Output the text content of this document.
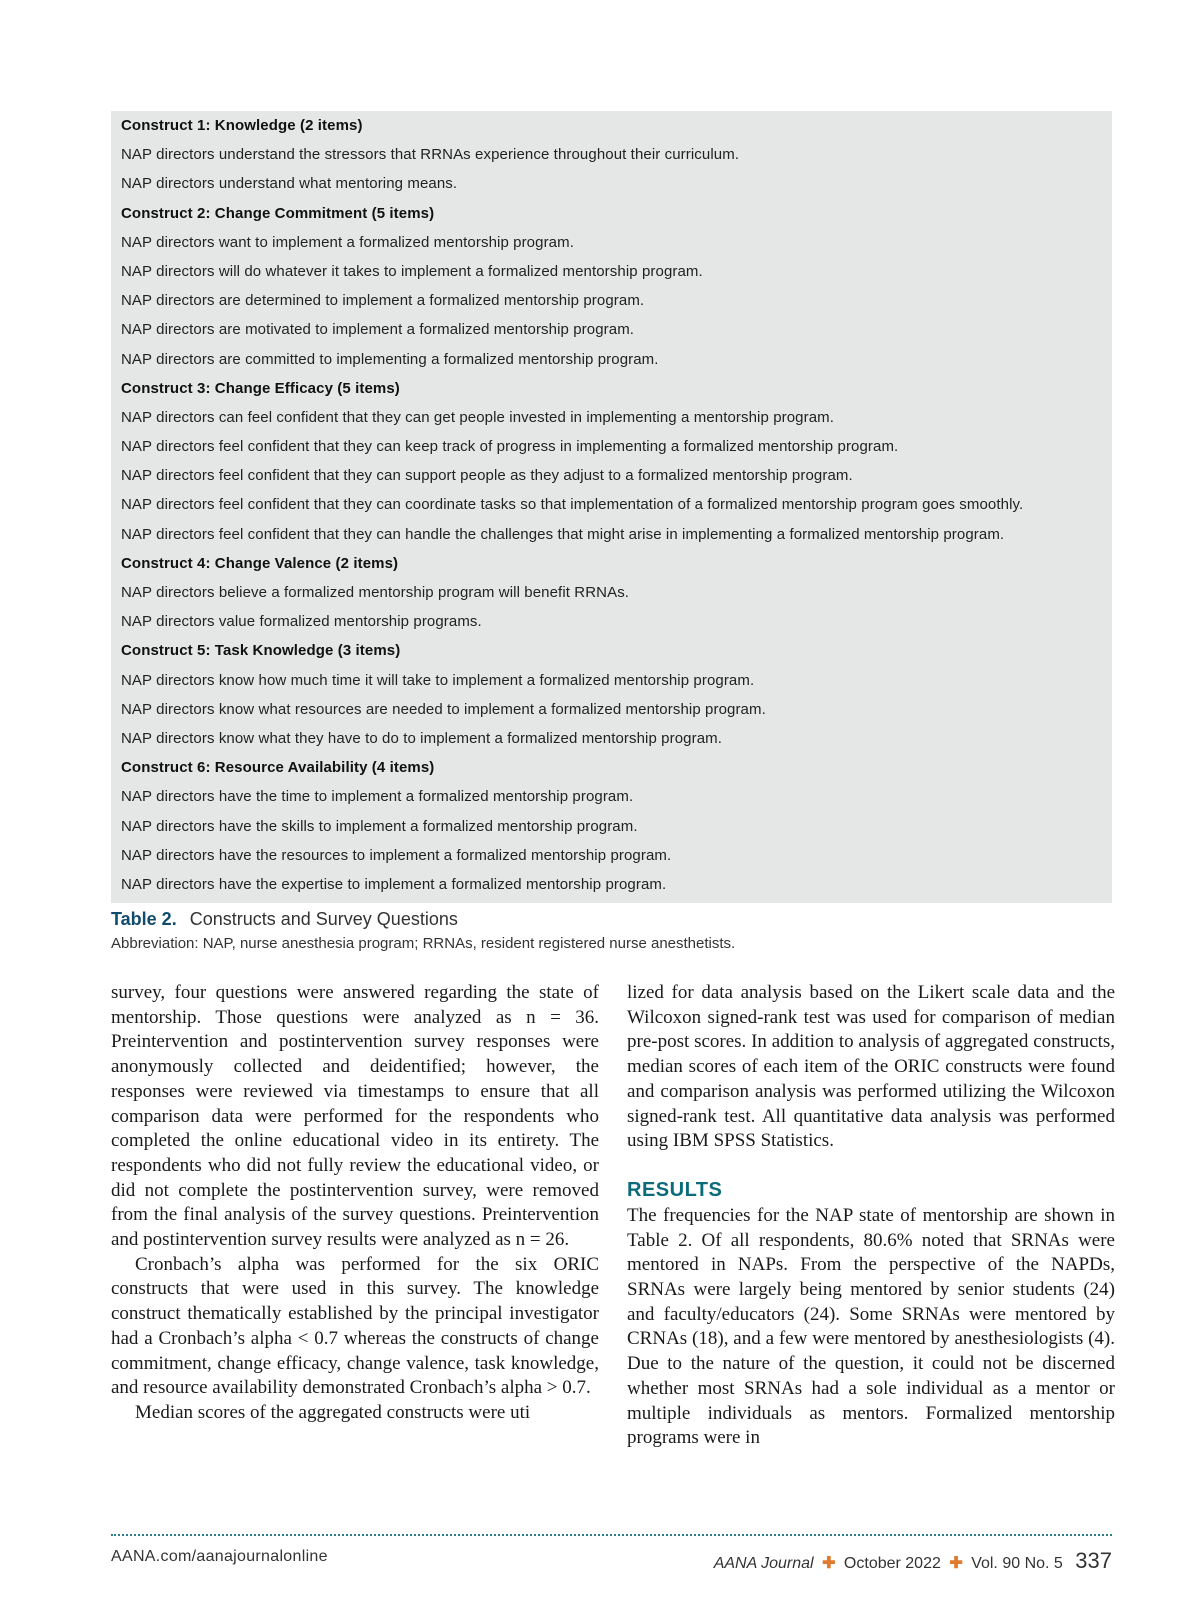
Construct 1: Knowledge (2 items)
NAP directors understand the stressors that RRNAs experience throughout their curriculum.
NAP directors understand what mentoring means.
Construct 2: Change Commitment (5 items)
NAP directors want to implement a formalized mentorship program.
NAP directors will do whatever it takes to implement a formalized mentorship program.
NAP directors are determined to implement a formalized mentorship program.
NAP directors are motivated to implement a formalized mentorship program.
NAP directors are committed to implementing a formalized mentorship program.
Construct 3: Change Efficacy (5 items)
NAP directors can feel confident that they can get people invested in implementing a mentorship program.
NAP directors feel confident that they can keep track of progress in implementing a formalized mentorship program.
NAP directors feel confident that they can support people as they adjust to a formalized mentorship program.
NAP directors feel confident that they can coordinate tasks so that implementation of a formalized mentorship program goes smoothly.
NAP directors feel confident that they can handle the challenges that might arise in implementing a formalized mentorship program.
Construct 4: Change Valence (2 items)
NAP directors believe a formalized mentorship program will benefit RRNAs.
NAP directors value formalized mentorship programs.
Construct 5: Task Knowledge (3 items)
NAP directors know how much time it will take to implement a formalized mentorship program.
NAP directors know what resources are needed to implement a formalized mentorship program.
NAP directors know what they have to do to implement a formalized mentorship program.
Construct 6: Resource Availability (4 items)
NAP directors have the time to implement a formalized mentorship program.
NAP directors have the skills to implement a formalized mentorship program.
NAP directors have the resources to implement a formalized mentorship program.
NAP directors have the expertise to implement a formalized mentorship program.
Table 2. Constructs and Survey Questions
Abbreviation: NAP, nurse anesthesia program; RRNAs, resident registered nurse anesthetists.

survey, four questions were answered regarding the state of mentorship. Those questions were analyzed as n = 36. Preintervention and postintervention survey responses were anonymously collected and deidentified; however, the responses were reviewed via timestamps to ensure that all comparison data were performed for the respondents who completed the online educational video in its entirety. The respondents who did not fully review the educational video, or did not complete the postintervention survey, were removed from the final analysis of the survey questions. Preintervention and postintervention survey results were analyzed as n = 26.

Cronbach’s alpha was performed for the six ORIC constructs that were used in this survey. The knowledge construct thematically established by the principal investigator had a Cronbach’s alpha < 0.7 whereas the constructs of change commitment, change efficacy, change valence, task knowledge, and resource availability demonstrated Cronbach’s alpha > 0.7.

Median scores of the aggregated constructs were uti

lized for data analysis based on the Likert scale data and the Wilcoxon signed-rank test was used for comparison of median pre-post scores. In addition to analysis of aggregated constructs, median scores of each item of the ORIC constructs were found and comparison analysis was performed utilizing the Wilcoxon signed-rank test. All quantitative data analysis was performed using IBM SPSS Statistics.

RESULTS

The frequencies for the NAP state of mentorship are shown in Table 2. Of all respondents, 80.6% noted that SRNAs were mentored in NAPs. From the perspective of the NAPDs, SRNAs were largely being mentored by senior students (24) and faculty/educators (24). Some SRNAs were mentored by CRNAs (18), and a few were mentored by anesthesiologists (4). Due to the nature of the question, it could not be discerned whether most SRNAs had a sole individual as a mentor or multiple individuals as mentors. Formalized mentorship programs were in

AANA.com/aanajournalonline	AANA Journal ✚ October 2022 ✚ Vol. 90 No. 5 337
